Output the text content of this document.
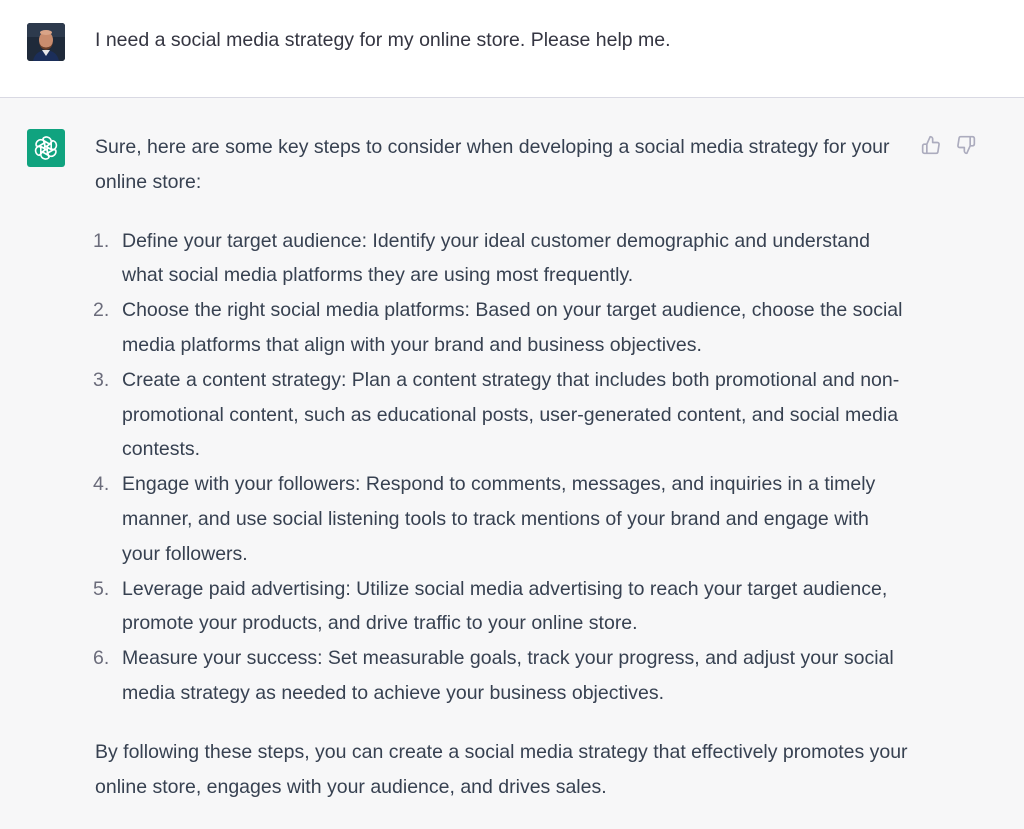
I need a social media strategy for my online store. Please help me.

Sure, here are some key steps to consider when developing a social media strategy for your online store:

1. Define your target audience: Identify your ideal customer demographic and understand what social media platforms they are using most frequently.
2. Choose the right social media platforms: Based on your target audience, choose the social media platforms that align with your brand and business objectives.
3. Create a content strategy: Plan a content strategy that includes both promotional and non-promotional content, such as educational posts, user-generated content, and social media contests.
4. Engage with your followers: Respond to comments, messages, and inquiries in a timely manner, and use social listening tools to track mentions of your brand and engage with your followers.
5. Leverage paid advertising: Utilize social media advertising to reach your target audience, promote your products, and drive traffic to your online store.
6. Measure your success: Set measurable goals, track your progress, and adjust your social media strategy as needed to achieve your business objectives.

By following these steps, you can create a social media strategy that effectively promotes your online store, engages with your audience, and drives sales.
